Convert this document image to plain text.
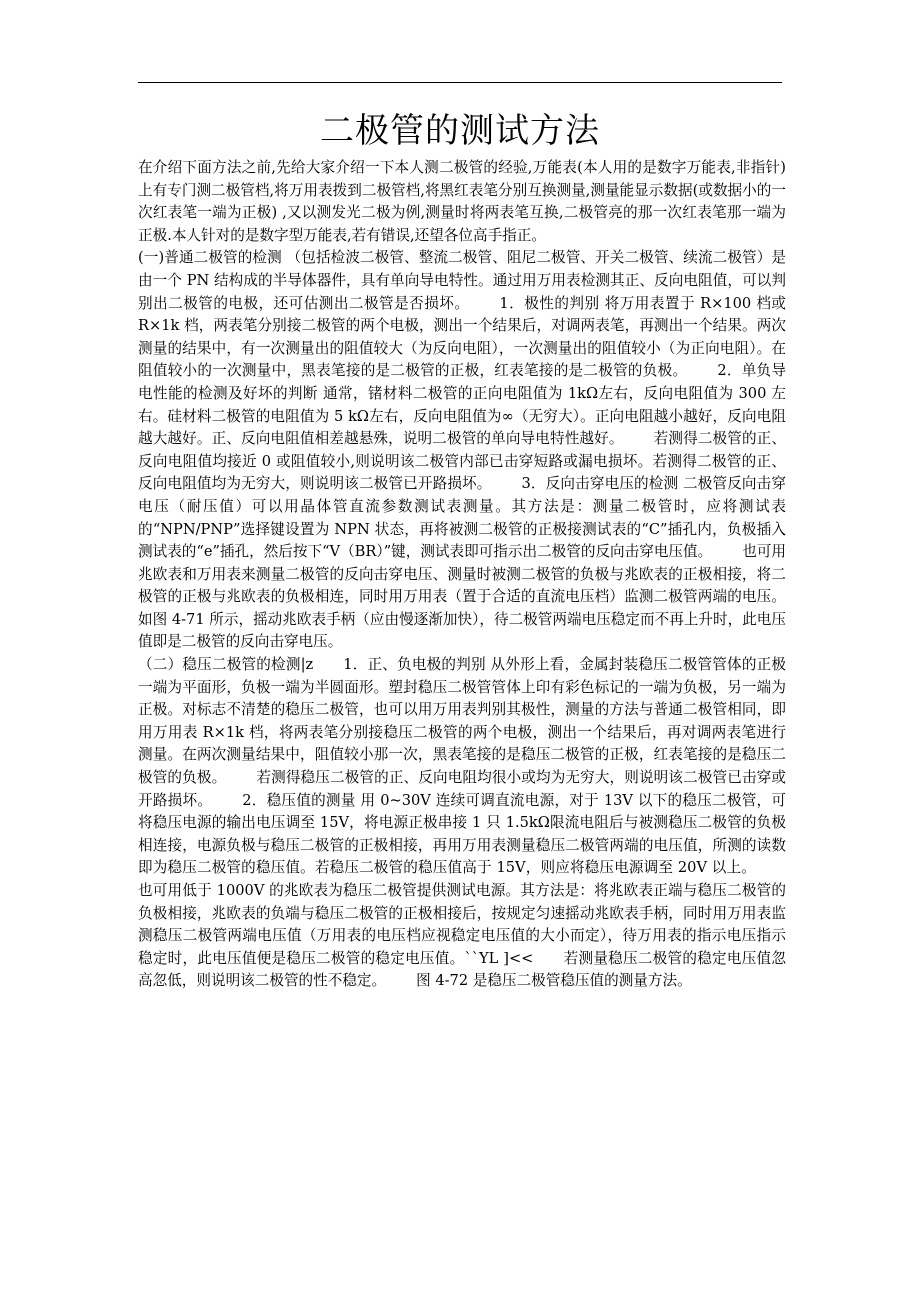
二极管的测试方法

在介绍下面方法之前,先给大家介绍一下本人测二极管的经验,万能表(本人用的是数字万能表,非指针)上有专门测二极管档,将万用表拨到二极管档,将黑红表笔分别互换测量,测量能显示数据(或数据小的一次红表笔一端为正极) ,又以测发光二极为例,测量时将两表笔互换,二极管亮的那一次红表笔那一端为正极.本人针对的是数字型万能表,若有错误,还望各位高手指正。

(一)普通二极管的检测 （包括检波二极管、整流二极管、阻尼二极管、开关二极管、续流二极管）是由一个 PN 结构成的半导体器件，具有单向导电特性。通过用万用表检测其正、反向电阻值，可以判别出二极管的电极，还可估测出二极管是否损坏。 1．极性的判别 将万用表置于 R×100 档或 R×1k 档，两表笔分别接二极管的两个电极，测出一个结果后，对调两表笔，再测出一个结果。两次测量的结果中，有一次测量出的阻值较大（为反向电阻），一次测量出的阻值较小（为正向电阻）。在阻值较小的一次测量中，黑表笔接的是二极管的正极，红表笔接的是二极管的负极。 2．单负导电性能的检测及好坏的判断 通常，锗材料二极管的正向电阻值为 1kΩ左右，反向电阻值为 300 左右。硅材料二极管的电阻值为 5 kΩ左右，反向电阻值为∞（无穷大）。正向电阻越小越好，反向电阻越大越好。正、反向电阻值相差越悬殊，说明二极管的单向导电特性越好。 若测得二极管的正、反向电阻值均接近 0 或阻值较小,则说明该二极管内部已击穿短路或漏电损坏。若测得二极管的正、反向电阻值均为无穷大，则说明该二极管已开路损坏。 3．反向击穿电压的检测 二极管反向击穿电压（耐压值）可以用晶体管直流参数测试表测量。其方法是：测量二极管时，应将测试表的“NPN/PNP”选择键设置为 NPN 状态，再将被测二极管的正极接测试表的“C”插孔内，负极插入测试表的“e”插孔，然后按下“V（BR）”键，测试表即可指示出二极管的反向击穿电压值。 也可用兆欧表和万用表来测量二极管的反向击穿电压、测量时被测二极管的负极与兆欧表的正极相接，将二极管的正极与兆欧表的负极相连，同时用万用表（置于合适的直流电压档）监测二极管两端的电压。如图 4-71 所示，摇动兆欧表手柄（应由慢逐渐加快），待二极管两端电压稳定而不再上升时，此电压值即是二极管的反向击穿电压。

（二）稳压二极管的检测|z 1．正、负电极的判别 从外形上看，金属封装稳压二极管管体的正极一端为平面形，负极一端为半圆面形。塑封稳压二极管管体上印有彩色标记的一端为负极，另一端为正极。对标志不清楚的稳压二极管，也可以用万用表判别其极性，测量的方法与普通二极管相同，即用万用表 R×1k 档，将两表笔分别接稳压二极管的两个电极，测出一个结果后，再对调两表笔进行测量。在两次测量结果中，阻值较小那一次，黑表笔接的是稳压二极管的正极，红表笔接的是稳压二极管的负极。 若测得稳压二极管的正、反向电阻均很小或均为无穷大，则说明该二极管已击穿或开路损坏。 2．稳压值的测量 用 0~30V 连续可调直流电源，对于 13V 以下的稳压二极管，可将稳压电源的输出电压调至 15V，将电源正极串接 1 只 1.5kΩ限流电阻后与被测稳压二极管的负极相连接，电源负极与稳压二极管的正极相接，再用万用表测量稳压二极管两端的电压值，所测的读数即为稳压二极管的稳压值。若稳压二极管的稳压值高于 15V，则应将稳压电源调至 20V 以上。也可用低于 1000V 的兆欧表为稳压二极管提供测试电源。其方法是：将兆欧表正端与稳压二极管的负极相接，兆欧表的负端与稳压二极管的正极相接后，按规定匀速摇动兆欧表手柄，同时用万用表监测稳压二极管两端电压值（万用表的电压档应视稳定电压值的大小而定），待万用表的指示电压指示稳定时，此电压值便是稳压二极管的稳定电压值。``YL ]<< 若测量稳压二极管的稳定电压值忽高忽低，则说明该二极管的性不稳定。 图 4-72 是稳压二极管稳压值的测量方法。
